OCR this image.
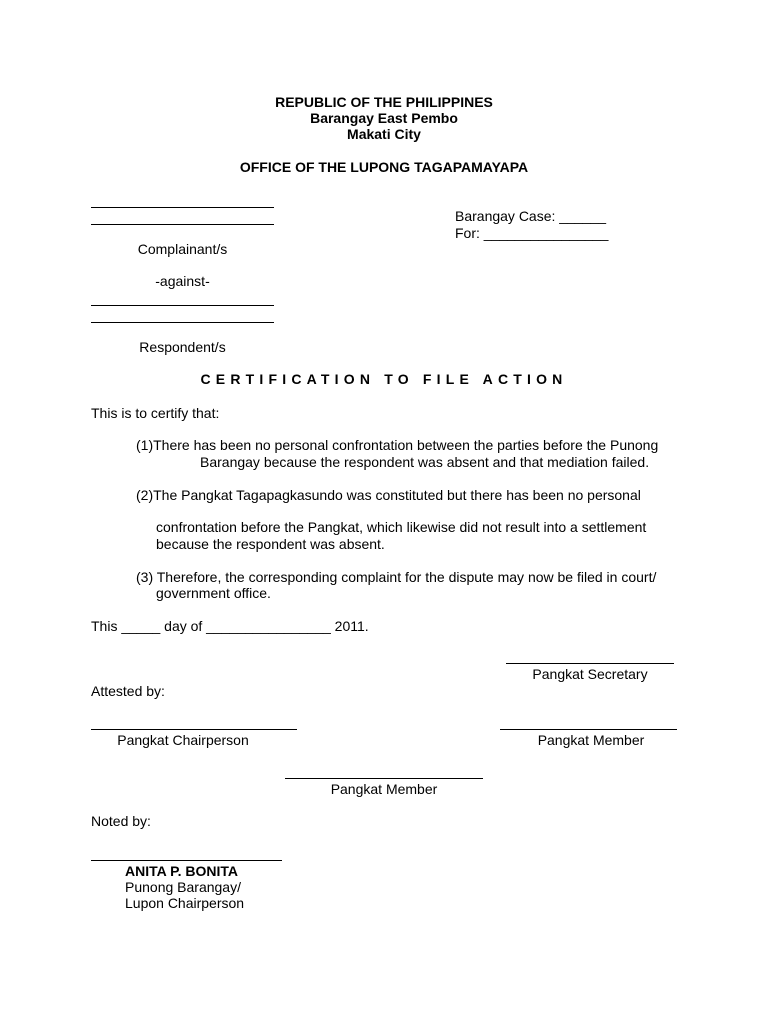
REPUBLIC OF THE PHILIPPINES
Barangay East Pembo
Makati City
OFFICE OF THE LUPONG TAGAPAMAYAPA
Complainant/s
Barangay Case: ______
For: ________________
-against-
Respondent/s
CERTIFICATION TO FILE ACTION
This is to certify that:
(1)There has been no personal confrontation between the parties before the Punong
Barangay because the respondent was absent and that mediation failed.
(2)The Pangkat Tagapagkasundo was constituted but there has been no personal
confrontation before the Pangkat, which likewise did not result into a settlement
because the respondent was absent.
(3) Therefore, the corresponding complaint for the dispute may now be filed in court/
government office.
This _____ day of ________________ 2011.
Pangkat Secretary
Attested by:
Pangkat Chairperson	Pangkat Member
Pangkat Member
Noted by:
ANITA P. BONITA
Punong Barangay/
Lupon Chairperson
